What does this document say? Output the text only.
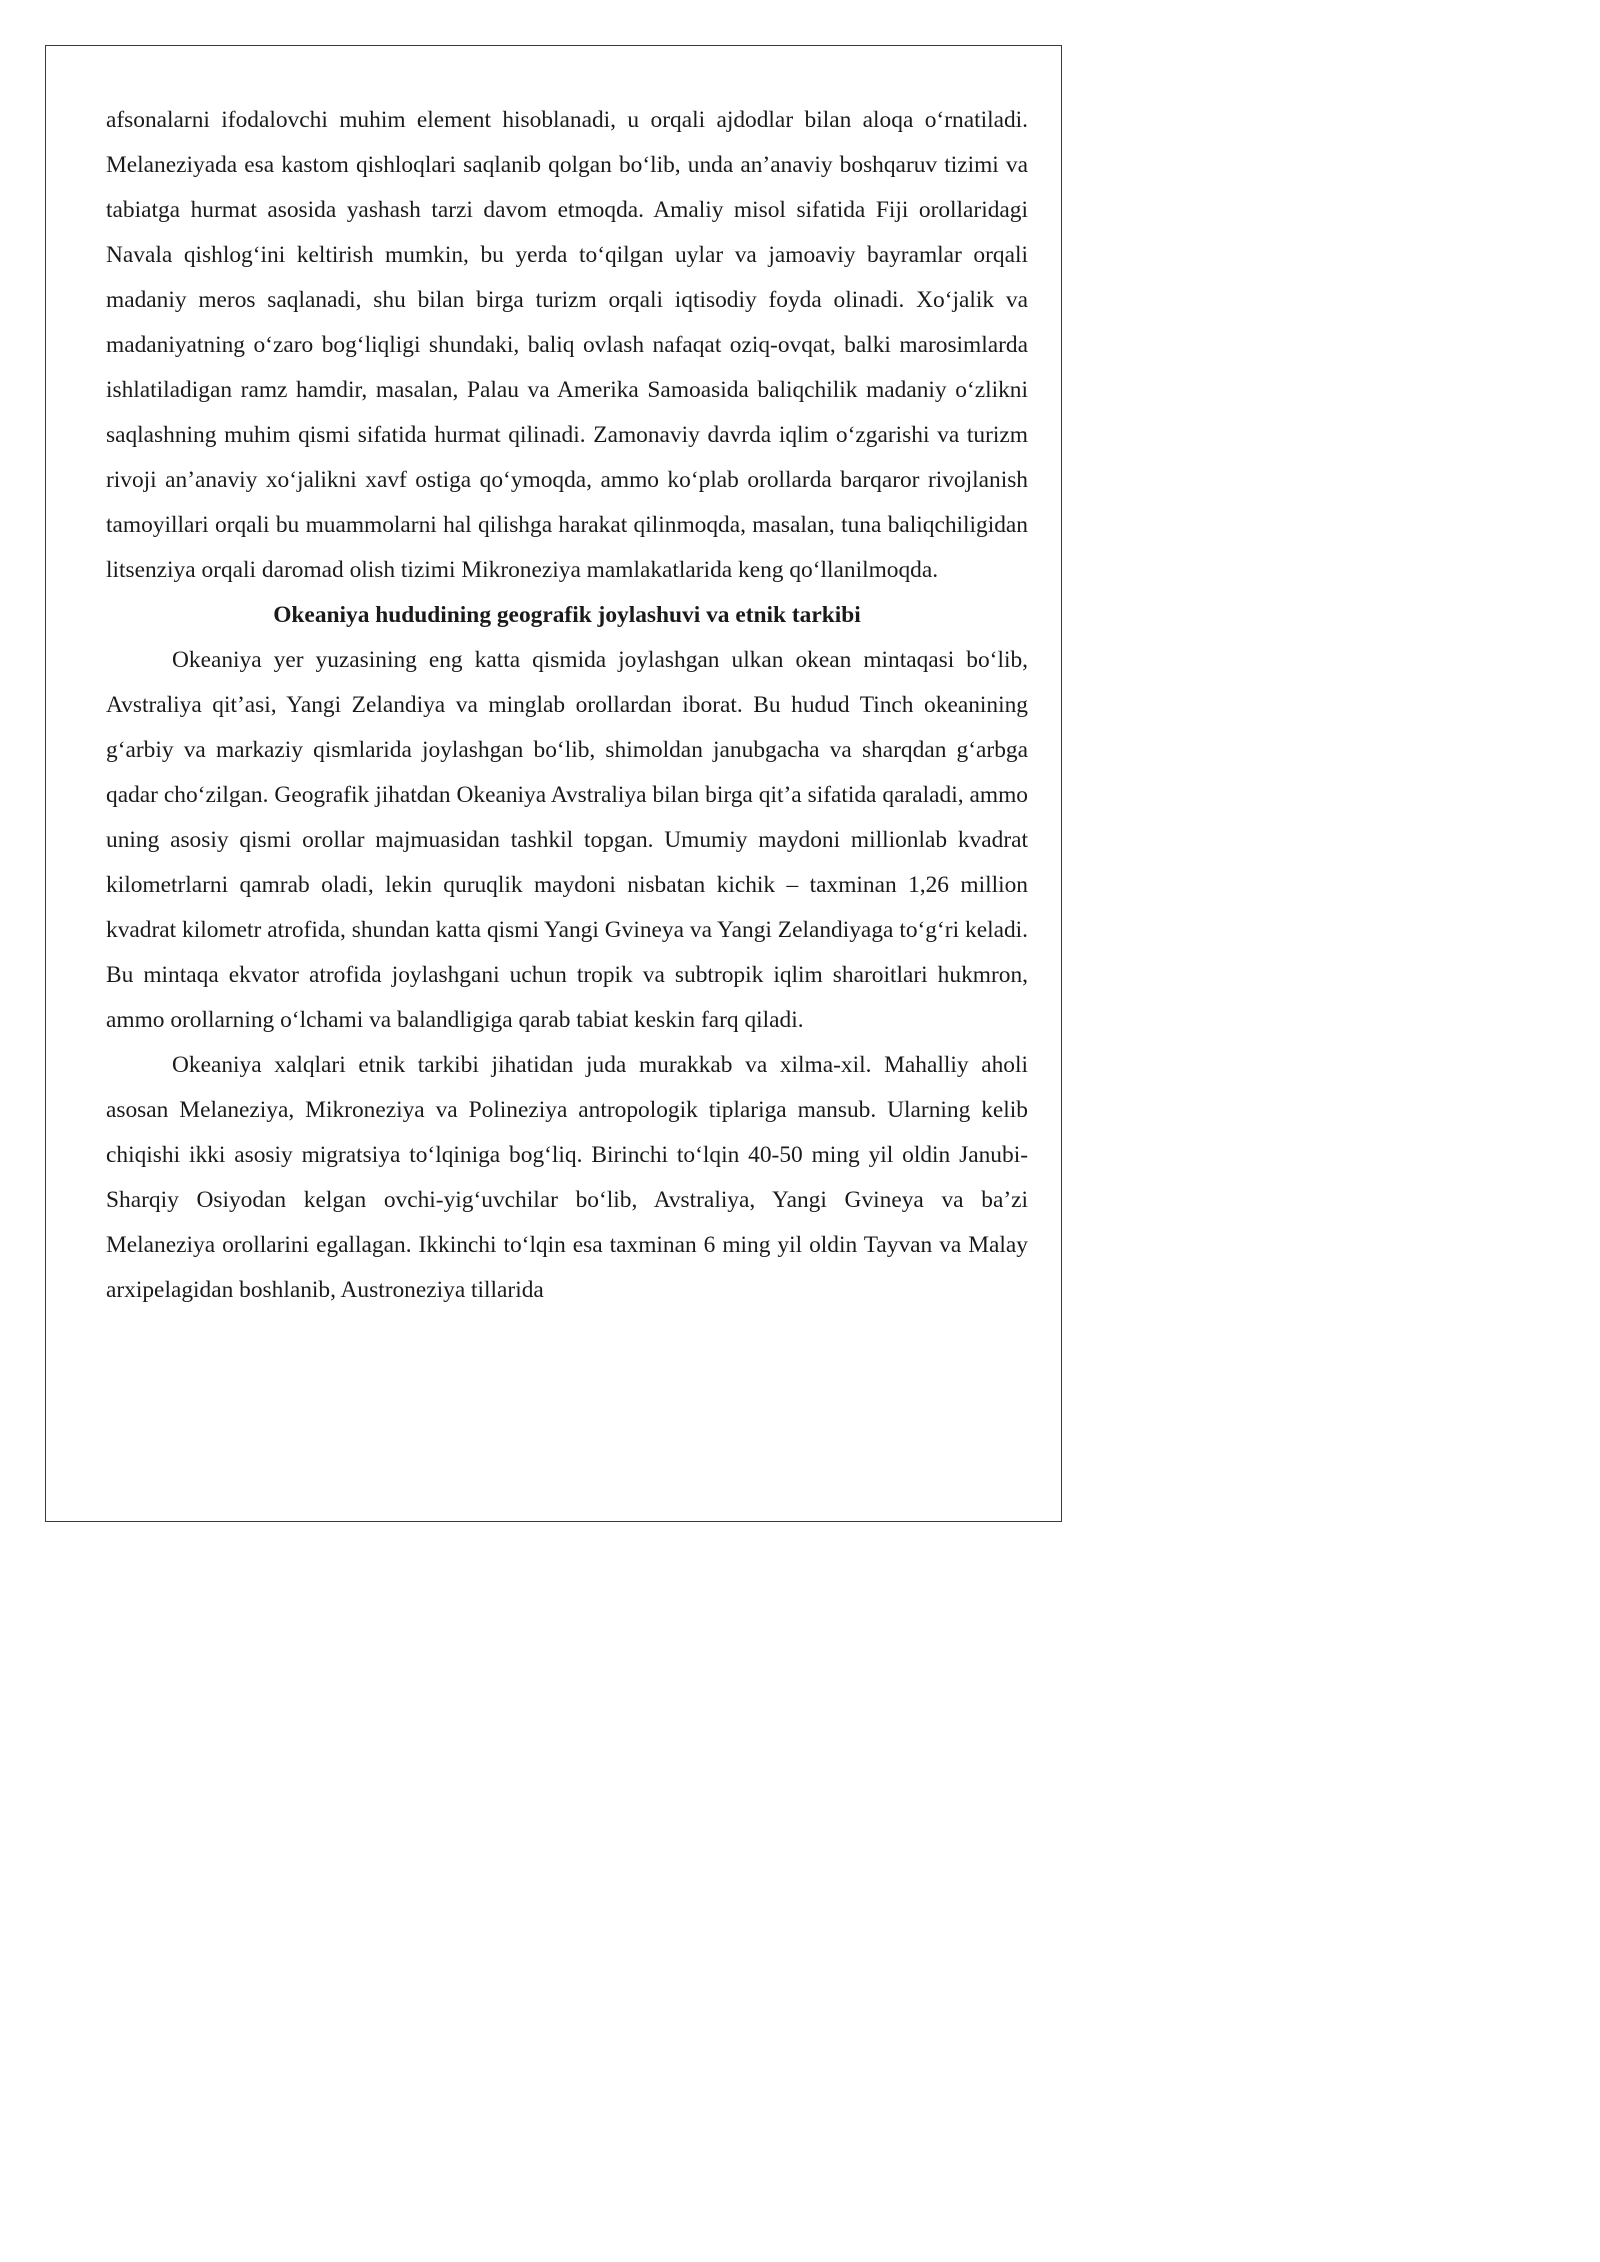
afsonalarni ifodalovchi muhim element hisoblanadi, u orqali ajdodlar bilan aloqa o‘rnatiladi. Melaneziyada esa kastom qishloqlari saqlanib qolgan bo‘lib, unda an’anaviy boshqaruv tizimi va tabiatga hurmat asosida yashash tarzi davom etmoqda. Amaliy misol sifatida Fiji orollaridagi Navala qishlog‘ini keltirish mumkin, bu yerda to‘qilgan uylar va jamoaviy bayramlar orqali madaniy meros saqlanadi, shu bilan birga turizm orqali iqtisodiy foyda olinadi. Xo‘jalik va madaniyatning o‘zaro bog‘liqligi shundaki, baliq ovlash nafaqat oziq-ovqat, balki marosimlarda ishlatiladigan ramz hamdir, masalan, Palau va Amerika Samoasida baliqchilik madaniy o‘zlikni saqlashning muhim qismi sifatida hurmat qilinadi. Zamonaviy davrda iqlim o‘zgarishi va turizm rivoji an’anaviy xo‘jalikni xavf ostiga qo‘ymoqda, ammo ko‘plab orollarda barqaror rivojlanish tamoyillari orqali bu muammolarni hal qilishga harakat qilinmoqda, masalan, tuna baliqchiligidan litsenziya orqali daromad olish tizimi Mikroneziya mamlakatlarida keng qo‘llanilmoqda.

Okeaniya hududining geografik joylashuvi va etnik tarkibi

Okeaniya yer yuzasining eng katta qismida joylashgan ulkan okean mintaqasi bo‘lib, Avstraliya qit’asi, Yangi Zelandiya va minglab orollardan iborat. Bu hudud Tinch okeanining g‘arbiy va markaziy qismlarida joylashgan bo‘lib, shimoldan janubgacha va sharqdan g‘arbga qadar cho‘zilgan. Geografik jihatdan Okeaniya Avstraliya bilan birga qit’a sifatida qaraladi, ammo uning asosiy qismi orollar majmuasidan tashkil topgan. Umumiy maydoni millionlab kvadrat kilometrlarni qamrab oladi, lekin quruqlik maydoni nisbatan kichik – taxminan 1,26 million kvadrat kilometr atrofida, shundan katta qismi Yangi Gvineya va Yangi Zelandiyaga to‘g‘ri keladi. Bu mintaqa ekvator atrofida joylashgani uchun tropik va subtropik iqlim sharoitlari hukmron, ammo orollarning o‘lchami va balandligiga qarab tabiat keskin farq qiladi.

Okeaniya xalqlari etnik tarkibi jihatidan juda murakkab va xilma-xil. Mahalliy aholi asosan Melaneziya, Mikroneziya va Polineziya antropologik tiplariga mansub. Ularning kelib chiqishi ikki asosiy migratsiya to‘lqiniga bog‘liq. Birinchi to‘lqin 40-50 ming yil oldin Janubi-Sharqiy Osiyodan kelgan ovchi-yig‘uvchilar bo‘lib, Avstraliya, Yangi Gvineya va ba’zi Melaneziya orollarini egallagan. Ikkinchi to‘lqin esa taxminan 6 ming yil oldin Tayvan va Malay arxipelagidan boshlanib, Austroneziya tillarida
